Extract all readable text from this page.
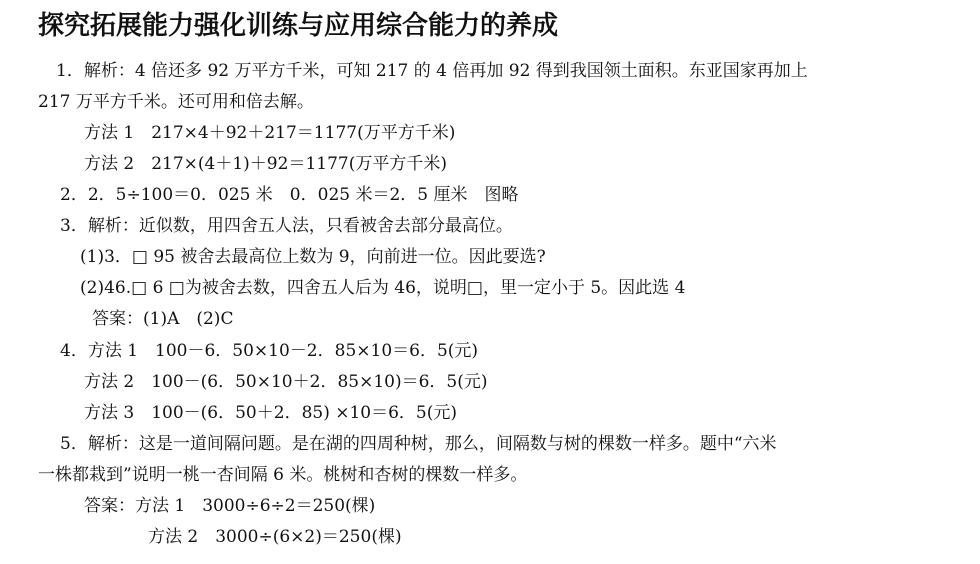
探究拓展能力强化训练与应用综合能力的养成
1．解析：4 倍还多 92 万平方千米，可知 217 的 4 倍再加 92 得到我国领土面积。东亚国家再加上
217 万平方千米。还可用和倍去解。
方法 1　217×4＋92＋217＝1177(万平方千米)
方法 2　217×(4＋1)＋92＝1177(万平方千米)
2．2．5÷100＝0．025 米　0．025 米＝2．5 厘米　图略
3．解析：近似数，用四舍五人法，只看被舍去部分最高位。
(1)3．□ 95 被舍去最高位上数为 9，向前进一位。因此要选?
(2)46.□ 6 □为被舍去数，四舍五人后为 46，说明□，里一定小于 5。因此选 4
答案：(1)A　(2)C
4．方法 1　100－6．50×10－2．85×10＝6．5(元)
方法 2　100－(6．50×10＋2．85×10)＝6．5(元)
方法 3　100－(6．50＋2．85) ×10＝6．5(元)
5．解析：这是一道间隔问题。是在湖的四周种树，那么，间隔数与树的棵数一样多。题中“六米
一株都栽到”说明一桃一杏间隔 6 米。桃树和杏树的棵数一样多。
答案：方法 1　3000÷6÷2＝250(棵)
方法 2　3000÷(6×2)＝250(棵)
